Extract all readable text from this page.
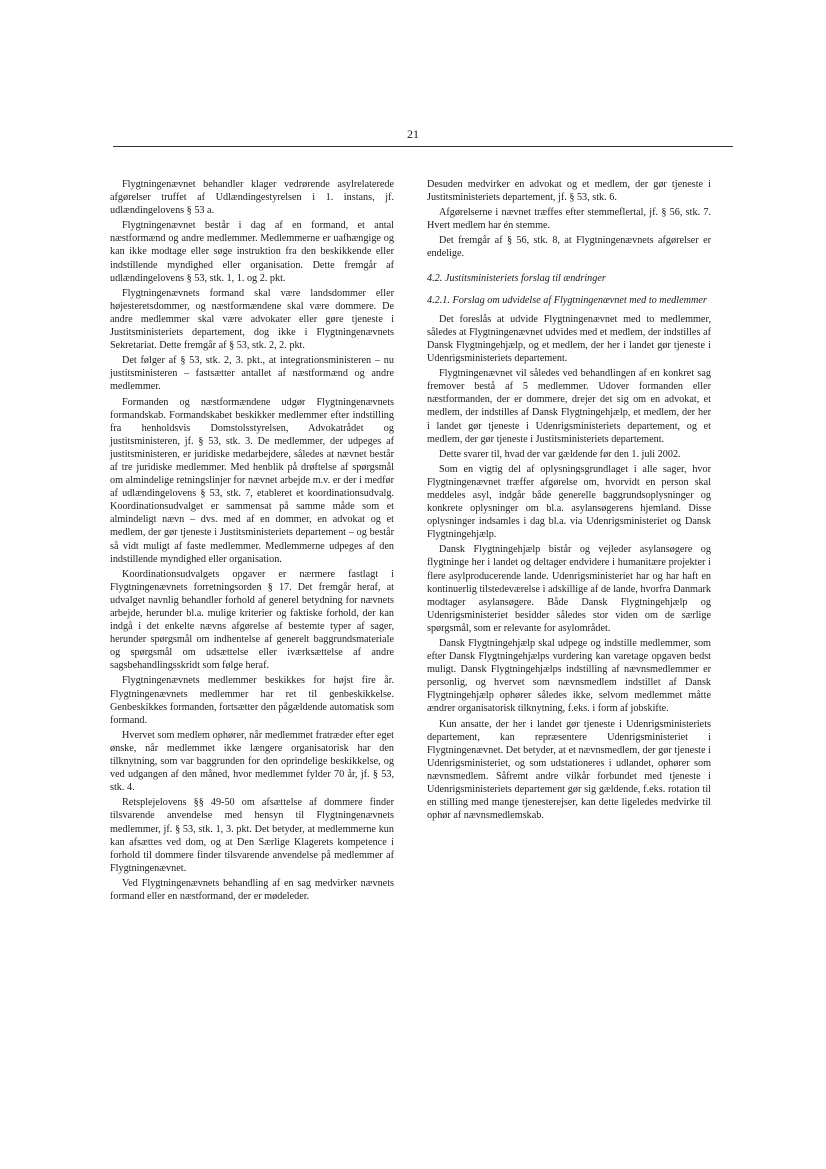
21

Flygtningenævnet behandler klager vedrørende asylrelaterede afgørelser truffet af Udlændingestyrelsen i 1. instans, jf. udlændingelovens § 53 a.

Flygtningenævnet består i dag af en formand, et antal næstformænd og andre medlemmer. Medlemmerne er uafhængige og kan ikke modtage eller søge instruktion fra den beskikkende eller indstillende myndighed eller organisation. Dette fremgår af udlændingelovens § 53, stk. 1, 1. og 2. pkt.

Flygtningenævnets formand skal være landsdommer eller højesteretsdommer, og næstformændene skal være dommere. De andre medlemmer skal være advokater eller gøre tjeneste i Justitsministeriets departement, dog ikke i Flygtningenævnets Sekretariat. Dette fremgår af § 53, stk. 2, 2. pkt.

Det følger af § 53, stk. 2, 3. pkt., at integrationsministeren – nu justitsministeren – fastsætter antallet af næstformænd og andre medlemmer.

Formanden og næstformændene udgør Flygtningenævnets formandskab. Formandskabet beskikker medlemmer efter indstilling fra henholdsvis Domstolsstyrelsen, Advokatrådet og justitsministeren, jf. § 53, stk. 3. De medlemmer, der udpeges af justitsministeren, er juridiske medarbejdere, således at nævnet består af tre juridiske medlemmer. Med henblik på drøftelse af spørgsmål om almindelige retningslinjer for nævnet arbejde m.v. er der i medfør af udlændingelovens § 53, stk. 7, etableret et koordinationsudvalg. Koordinationsudvalget er sammensat på samme måde som et almindeligt nævn – dvs. med af en dommer, en advokat og et medlem, der gør tjeneste i Justitsministeriets departement – og består så vidt muligt af faste medlemmer. Medlemmerne udpeges af den indstillende myndighed eller organisation.

Koordinationsudvalgets opgaver er nærmere fastlagt i Flygtningenævnets forretningsorden § 17. Det fremgår heraf, at udvalget navnlig behandler forhold af generel betydning for nævnets arbejde, herunder bl.a. mulige kriterier og faktiske forhold, der kan indgå i det enkelte nævns afgørelse af bestemte typer af sager, herunder spørgsmål om indhentelse af generelt baggrundsmateriale og spørgsmål om udsættelse eller iværksættelse af andre sagsbehandlingsskridt som følge heraf.

Flygtningenævnets medlemmer beskikkes for højst fire år. Flygtningenævnets medlemmer har ret til genbeskikkelse. Genbeskikkes formanden, fortsætter den pågældende automatisk som formand.

Hvervet som medlem ophører, når medlemmet fratræder efter eget ønske, når medlemmet ikke længere organisatorisk har den tilknytning, som var baggrunden for den oprindelige beskikkelse, og ved udgangen af den måned, hvor medlemmet fylder 70 år, jf. § 53, stk. 4.

Retsplejelovens §§ 49-50 om afsættelse af dommere finder tilsvarende anvendelse med hensyn til Flygtningenævnets medlemmer, jf. § 53, stk. 1, 3. pkt. Det betyder, at medlemmerne kun kan afsættes ved dom, og at Den Særlige Klagerets kompetence i forhold til dommere finder tilsvarende anvendelse på medlemmer af Flygtningenævnet.

Ved Flygtningenævnets behandling af en sag medvirker nævnets formand eller en næstformand, der er mødeleder.

Desuden medvirker en advokat og et medlem, der gør tjeneste i Justitsministeriets departement, jf. § 53, stk. 6.

Afgørelserne i nævnet træffes efter stemmeflertal, jf. § 56, stk. 7. Hvert medlem har én stemme.

Det fremgår af § 56, stk. 8, at Flygtningenævnets afgørelser er endelige.

4.2. Justitsministeriets forslag til ændringer
4.2.1. Forslag om udvidelse af Flygtningenævnet med to medlemmer

Det foreslås at udvide Flygtningenævnet med to medlemmer, således at Flygtningenævnet udvides med et medlem, der indstilles af Dansk Flygtningehjælp, og et medlem, der her i landet gør tjeneste i Udenrigsministeriets departement.

Flygtningenævnet vil således ved behandlingen af en konkret sag fremover bestå af 5 medlemmer. Udover formanden eller næstformanden, der er dommere, drejer det sig om en advokat, et medlem, der indstilles af Dansk Flygtningehjælp, et medlem, der her i landet gør tjeneste i Udenrigsministeriets departement, og et medlem, der gør tjeneste i Justitsministeriets departement.

Dette svarer til, hvad der var gældende før den 1. juli 2002.

Som en vigtig del af oplysningsgrundlaget i alle sager, hvor Flygtningenævnet træffer afgørelse om, hvorvidt en person skal meddeles asyl, indgår både generelle baggrundsoplysninger og konkrete oplysninger om bl.a. asylansøgerens hjemland. Disse oplysninger indsamles i dag bl.a. via Udenrigsministeriet og Dansk Flygtningehjælp.

Dansk Flygtningehjælp bistår og vejleder asylansøgere og flygtninge her i landet og deltager endvidere i humanitære projekter i flere asylproducerende lande. Udenrigsministeriet har og har haft en kontinuerlig tilstedeværelse i adskillige af de lande, hvorfra Danmark modtager asylansøgere. Både Dansk Flygtningehjælp og Udenrigsministeriet besidder således stor viden om de særlige spørgsmål, som er relevante for asylområdet.

Dansk Flygtningehjælp skal udpege og indstille medlemmer, som efter Dansk Flygtningehjælps vurdering kan varetage opgaven bedst muligt. Dansk Flygtningehjælps indstilling af nævnsmedlemmer er personlig, og hvervet som nævnsmedlem indstillet af Dansk Flygtningehjælp ophører således ikke, selvom medlemmet måtte ændrer organisatorisk tilknytning, f.eks. i form af jobskifte.

Kun ansatte, der her i landet gør tjeneste i Udenrigsministeriets departement, kan repræsentere Udenrigsministeriet i Flygtningenævnet. Det betyder, at et nævnsmedlem, der gør tjeneste i Udenrigsministeriet, og som udstationeres i udlandet, ophører som nævnsmedlem. Såfremt andre vilkår forbundet med tjeneste i Udenrigsministeriets departement gør sig gældende, f.eks. rotation til en stilling med mange tjenesterejser, kan dette ligeledes medvirke til ophør af nævnsmedlemskab.
